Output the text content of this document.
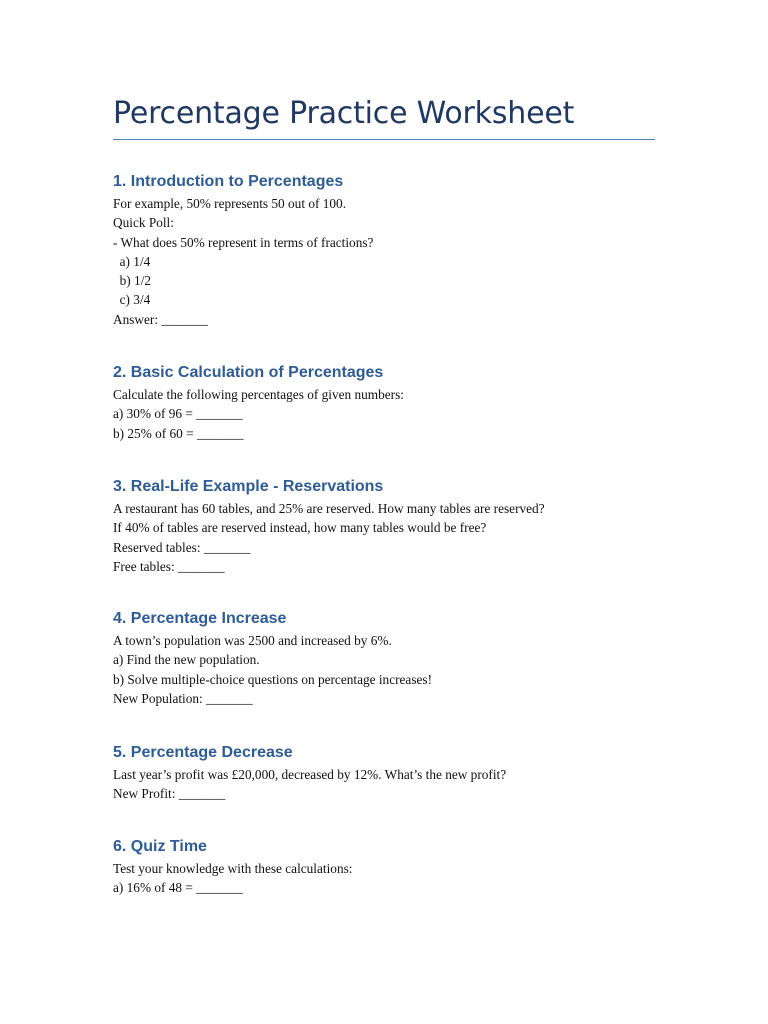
Percentage Practice Worksheet
1. Introduction to Percentages
For example, 50% represents 50 out of 100.
Quick Poll:
- What does 50% represent in terms of fractions?
a) 1/4
b) 1/2
c) 3/4
Answer: _______
2. Basic Calculation of Percentages
Calculate the following percentages of given numbers:
a) 30% of 96 = _______
b) 25% of 60 = _______
3. Real-Life Example - Reservations
A restaurant has 60 tables, and 25% are reserved. How many tables are reserved?
If 40% of tables are reserved instead, how many tables would be free?
Reserved tables: _______
Free tables: _______
4. Percentage Increase
A town’s population was 2500 and increased by 6%.
a) Find the new population.
b) Solve multiple-choice questions on percentage increases!
New Population: _______
5. Percentage Decrease
Last year’s profit was £20,000, decreased by 12%. What’s the new profit?
New Profit: _______
6. Quiz Time
Test your knowledge with these calculations:
a) 16% of 48 = _______
